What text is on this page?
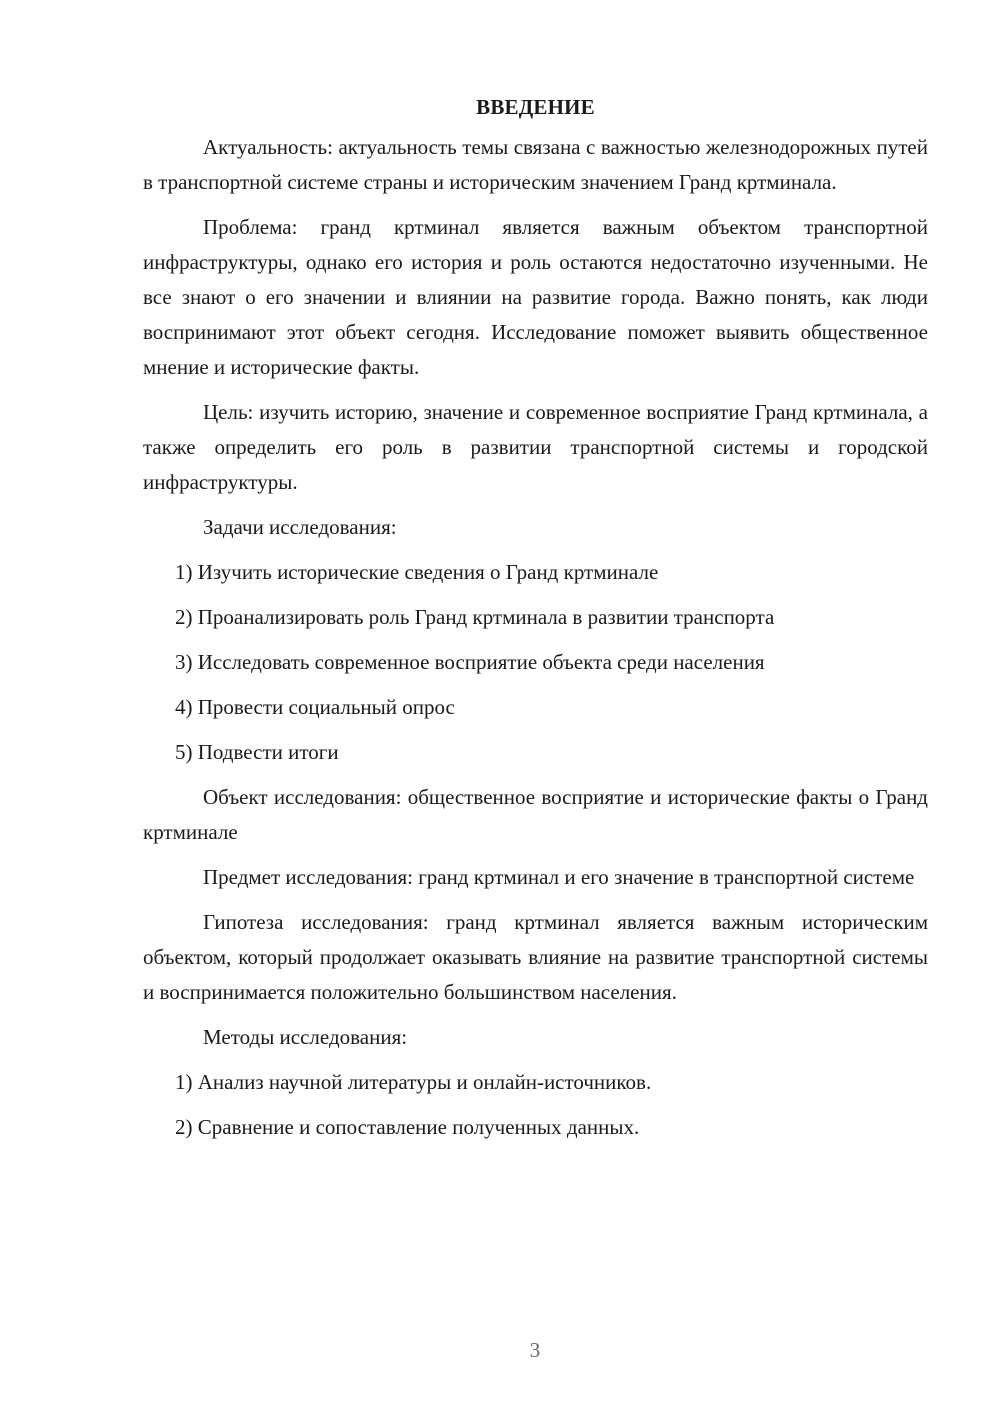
ВВЕДЕНИЕ

Актуальность: актуальность темы связана с важностью железнодорожных путей в транспортной системе страны и историческим значением Гранд кртминала.

Проблема: гранд кртминал является важным объектом транспортной инфраструктуры, однако его история и роль остаются недостаточно изученными. Не все знают о его значении и влиянии на развитие города. Важно понять, как люди воспринимают этот объект сегодня. Исследование поможет выявить общественное мнение и исторические факты.

Цель: изучить историю, значение и современное восприятие Гранд кртминала, а также определить его роль в развитии транспортной системы и городской инфраструктуры.

Задачи исследования:

1) Изучить исторические сведения о Гранд кртминале
2) Проанализировать роль Гранд кртминала в развитии транспорта
3) Исследовать современное восприятие объекта среди населения
4) Провести социальный опрос
5) Подвести итоги

Объект исследования: общественное восприятие и исторические факты о Гранд кртминале

Предмет исследования: гранд кртминал и его значение в транспортной системе

Гипотеза исследования: гранд кртминал является важным историческим объектом, который продолжает оказывать влияние на развитие транспортной системы и воспринимается положительно большинством населения.

Методы исследования:

1) Анализ научной литературы и онлайн-источников.
2) Сравнение и сопоставление полученных данных.
3
